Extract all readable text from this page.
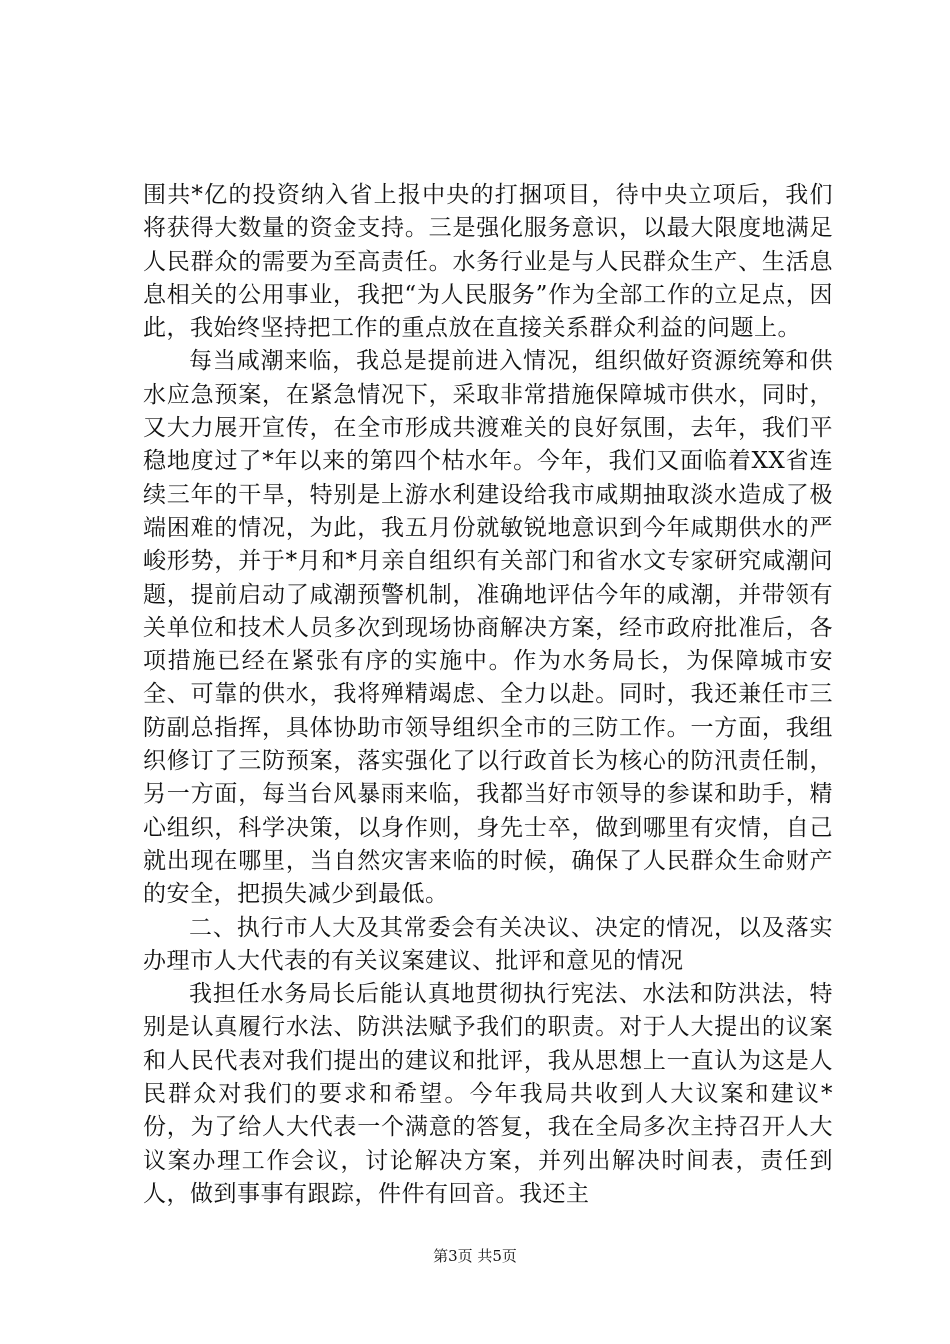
围共*亿的投资纳入省上报中央的打捆项目，待中央立项后，我们将获得大数量的资金支持。三是强化服务意识，以最大限度地满足人民群众的需要为至高责任。水务行业是与人民群众生产、生活息息相关的公用事业，我把“为人民服务”作为全部工作的立足点，因此，我始终坚持把工作的重点放在直接关系群众利益的问题上。

每当咸潮来临，我总是提前进入情况，组织做好资源统筹和供水应急预案，在紧急情况下，采取非常措施保障城市供水，同时，又大力展开宣传，在全市形成共渡难关的良好氛围，去年，我们平稳地度过了*年以来的第四个枯水年。今年，我们又面临着XX省连续三年的干旱，特别是上游水利建设给我市咸期抽取淡水造成了极端困难的情况，为此，我五月份就敏锐地意识到今年咸期供水的严峻形势，并于*月和*月亲自组织有关部门和省水文专家研究咸潮问题，提前启动了咸潮预警机制，准确地评估今年的咸潮，并带领有关单位和技术人员多次到现场协商解决方案，经市政府批准后，各项措施已经在紧张有序的实施中。作为水务局长，为保障城市安全、可靠的供水，我将殚精竭虑、全力以赴。同时，我还兼任市三防副总指挥，具体协助市领导组织全市的三防工作。一方面，我组织修订了三防预案，落实强化了以行政首长为核心的防汛责任制，另一方面，每当台风暴雨来临，我都当好市领导的参谋和助手，精心组织，科学决策，以身作则，身先士卒，做到哪里有灾情，自己就出现在哪里，当自然灾害来临的时候，确保了人民群众生命财产的安全，把损失减少到最低。

二、执行市人大及其常委会有关决议、决定的情况，以及落实办理市人大代表的有关议案建议、批评和意见的情况

我担任水务局长后能认真地贯彻执行宪法、水法和防洪法，特别是认真履行水法、防洪法赋予我们的职责。对于人大提出的议案和人民代表对我们提出的建议和批评，我从思想上一直认为这是人民群众对我们的要求和希望。今年我局共收到人大议案和建议*份，为了给人大代表一个满意的答复，我在全局多次主持召开人大议案办理工作会议，讨论解决方案，并列出解决时间表，责任到人，做到事事有跟踪，件件有回音。我还主

第3页 共5页
